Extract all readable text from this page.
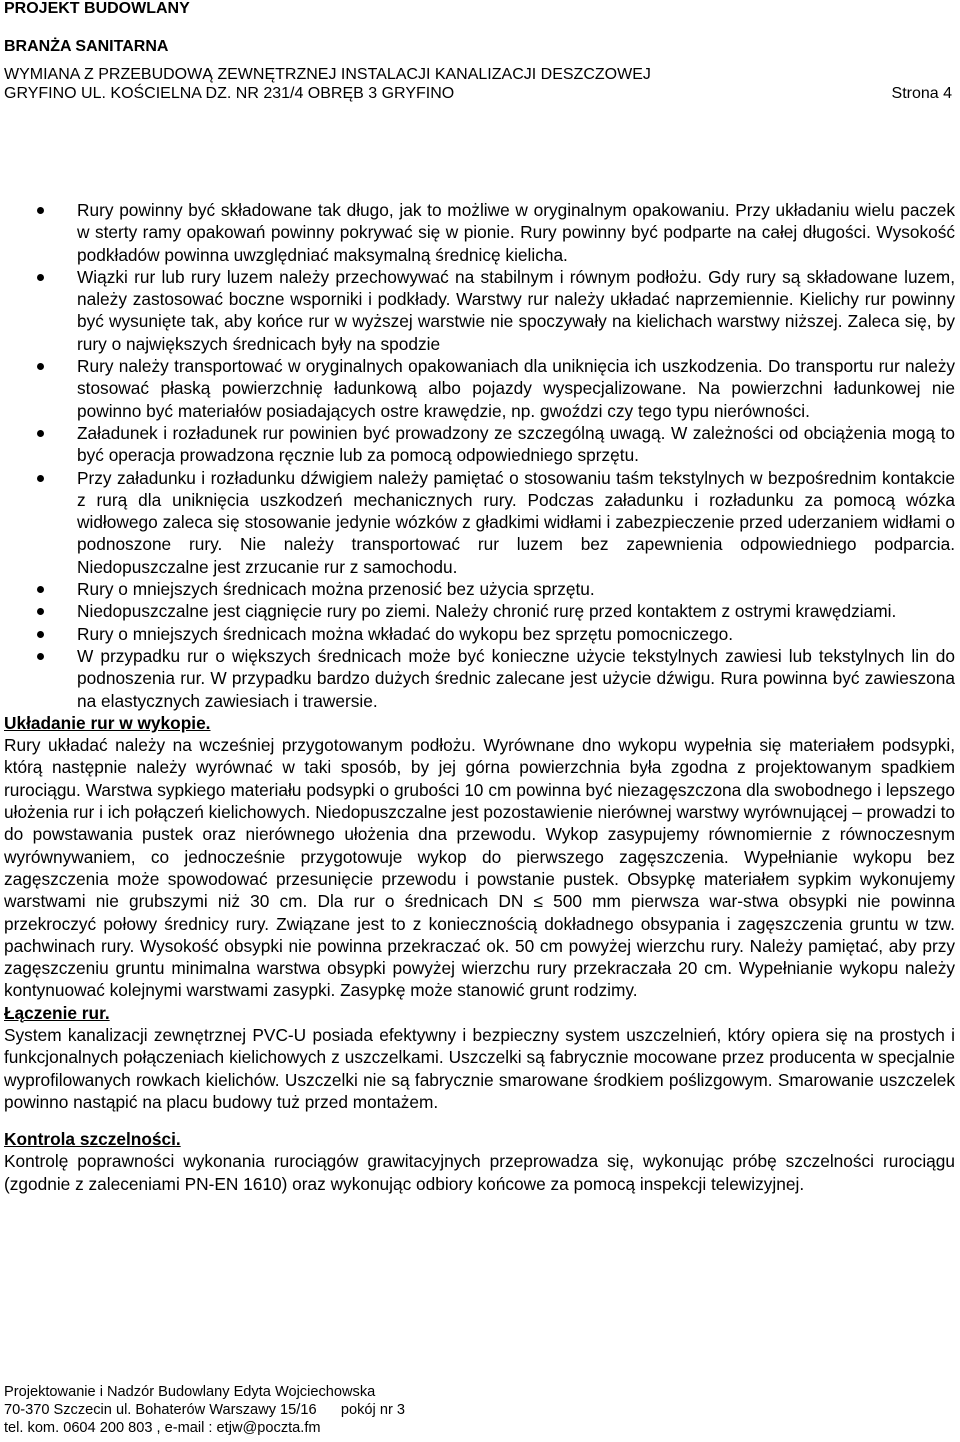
PROJEKT BUDOWLANY
BRANŻA SANITARNA
WYMIANA Z PRZEBUDOWĄ ZEWNĘTRZNEJ INSTALACJI KANALIZACJI DESZCZOWEJ
GRYFINO UL. KOŚCIELNA DZ. NR 231/4 OBRĘB 3 GRYFINO	Strona 4
Rury powinny być składowane tak długo, jak to możliwe w oryginalnym opakowaniu. Przy układaniu wielu paczek w sterty ramy opakowań powinny pokrywać się w pionie. Rury powinny być podparte na całej długości. Wysokość podkładów powinna uwzględniać maksymalną średnicę kielicha.
Wiązki rur lub rury luzem należy przechowywać na stabilnym i równym podłożu. Gdy rury są składowane luzem, należy zastosować boczne wsporniki i podkłady. Warstwy rur należy układać naprzemiennie. Kielichy rur powinny być wysunięte tak, aby końce rur w wyższej warstwie nie spoczywały na kielichach warstwy niższej. Zaleca się, by rury o największych średnicach były na spodzie
Rury należy transportować w oryginalnych opakowaniach dla uniknięcia ich uszkodzenia. Do transportu rur należy stosować płaską powierzchnię ładunkową albo pojazdy wyspecjalizowane. Na powierzchni ładunkowej nie powinno być materiałów posiadających ostre krawędzie, np. gwoździ czy tego typu nierówności.
Załadunek i rozładunek rur powinien być prowadzony ze szczególną uwagą. W zależności od obciążenia mogą to być operacja prowadzona ręcznie lub za pomocą odpowiedniego sprzętu.
Przy załadunku i rozładunku dźwigiem należy pamiętać o stosowaniu taśm tekstylnych w bezpośrednim kontakcie z rurą dla uniknięcia uszkodzeń mechanicznych rury. Podczas załadunku i rozładunku za pomocą wózka widłowego zaleca się stosowanie jedynie wózków z gładkimi widłami i zabezpieczenie przed uderzaniem widłami o podnoszone rury. Nie należy transportować rur luzem bez zapewnienia odpowiedniego podparcia. Niedopuszczalne jest zrzucanie rur z samochodu.
Rury o mniejszych średnicach można przenosić bez użycia sprzętu.
Niedopuszczalne jest ciągnięcie rury po ziemi. Należy chronić rurę przed kontaktem z ostrymi krawędziami.
Rury o mniejszych średnicach można wkładać do wykopu bez sprzętu pomocniczego.
W przypadku rur o większych średnicach może być konieczne użycie tekstylnych zawiesi lub tekstylnych lin do podnoszenia rur. W przypadku bardzo dużych średnic zalecane jest użycie dźwigu. Rura powinna być zawieszona na elastycznych zawiesiach i trawersie.

Układanie rur w wykopie.

Rury układać należy na wcześniej przygotowanym podłożu. Wyrównane dno wykopu wypełnia się materiałem podsypki, którą następnie należy wyrównać w taki sposób, by jej górna powierzchnia była zgodna z projektowanym spadkiem rurociągu. Warstwa sypkiego materiału podsypki o grubości 10 cm powinna być niezagęszczona dla swobodnego i lepszego ułożenia rur i ich połączeń kielichowych. Niedopuszczalne jest pozostawienie nierównej warstwy wyrównującej – prowadzi to do powstawania pustek oraz nierównego ułożenia dna przewodu. Wykop zasypujemy równomiernie z równoczesnym wyrównywaniem, co jednocześnie przygotowuje wykop do pierwszego zagęszczenia. Wypełnianie wykopu bez zagęszczenia może spowodować przesunięcie przewodu i powstanie pustek. Obsypkę materiałem sypkim wykonujemy warstwami nie grubszymi niż 30 cm. Dla rur o średnicach DN ≤ 500 mm pierwsza war-stwa obsypki nie powinna przekroczyć połowy średnicy rury. Związane jest to z koniecznością dokładnego obsypania i zagęszczenia gruntu w tzw. pachwinach rury. Wysokość obsypki nie powinna przekraczać ok. 50 cm powyżej wierzchu rury. Należy pamiętać, aby przy zagęszczeniu gruntu minimalna warstwa obsypki powyżej wierzchu rury przekraczała 20 cm. Wypełnianie wykopu należy kontynuować kolejnymi warstwami zasypki. Zasypkę może stanowić grunt rodzimy.

Łączenie rur.

System kanalizacji zewnętrznej PVC-U posiada efektywny i bezpieczny system uszczelnień, który opiera się na prostych i funkcjonalnych połączeniach kielichowych z uszczelkami. Uszczelki są fabrycznie mocowane przez producenta w specjalnie wyprofilowanych rowkach kielichów. Uszczelki nie są fabrycznie smarowane środkiem poślizgowym. Smarowanie uszczelek powinno nastąpić na placu budowy tuż przed montażem.

Kontrola szczelności.

Kontrolę poprawności wykonania rurociągów grawitacyjnych przeprowadza się, wykonując próbę szczelności rurociągu (zgodnie z zaleceniami PN-EN 1610) oraz wykonując odbiory końcowe za pomocą inspekcji telewizyjnej.

Projektowanie i Nadzór Budowlany Edyta Wojciechowska
70-370 Szczecin ul. Bohaterów Warszawy 15/16      pokój nr 3
tel. kom. 0604 200 803 , e-mail : etjw@poczta.fm
